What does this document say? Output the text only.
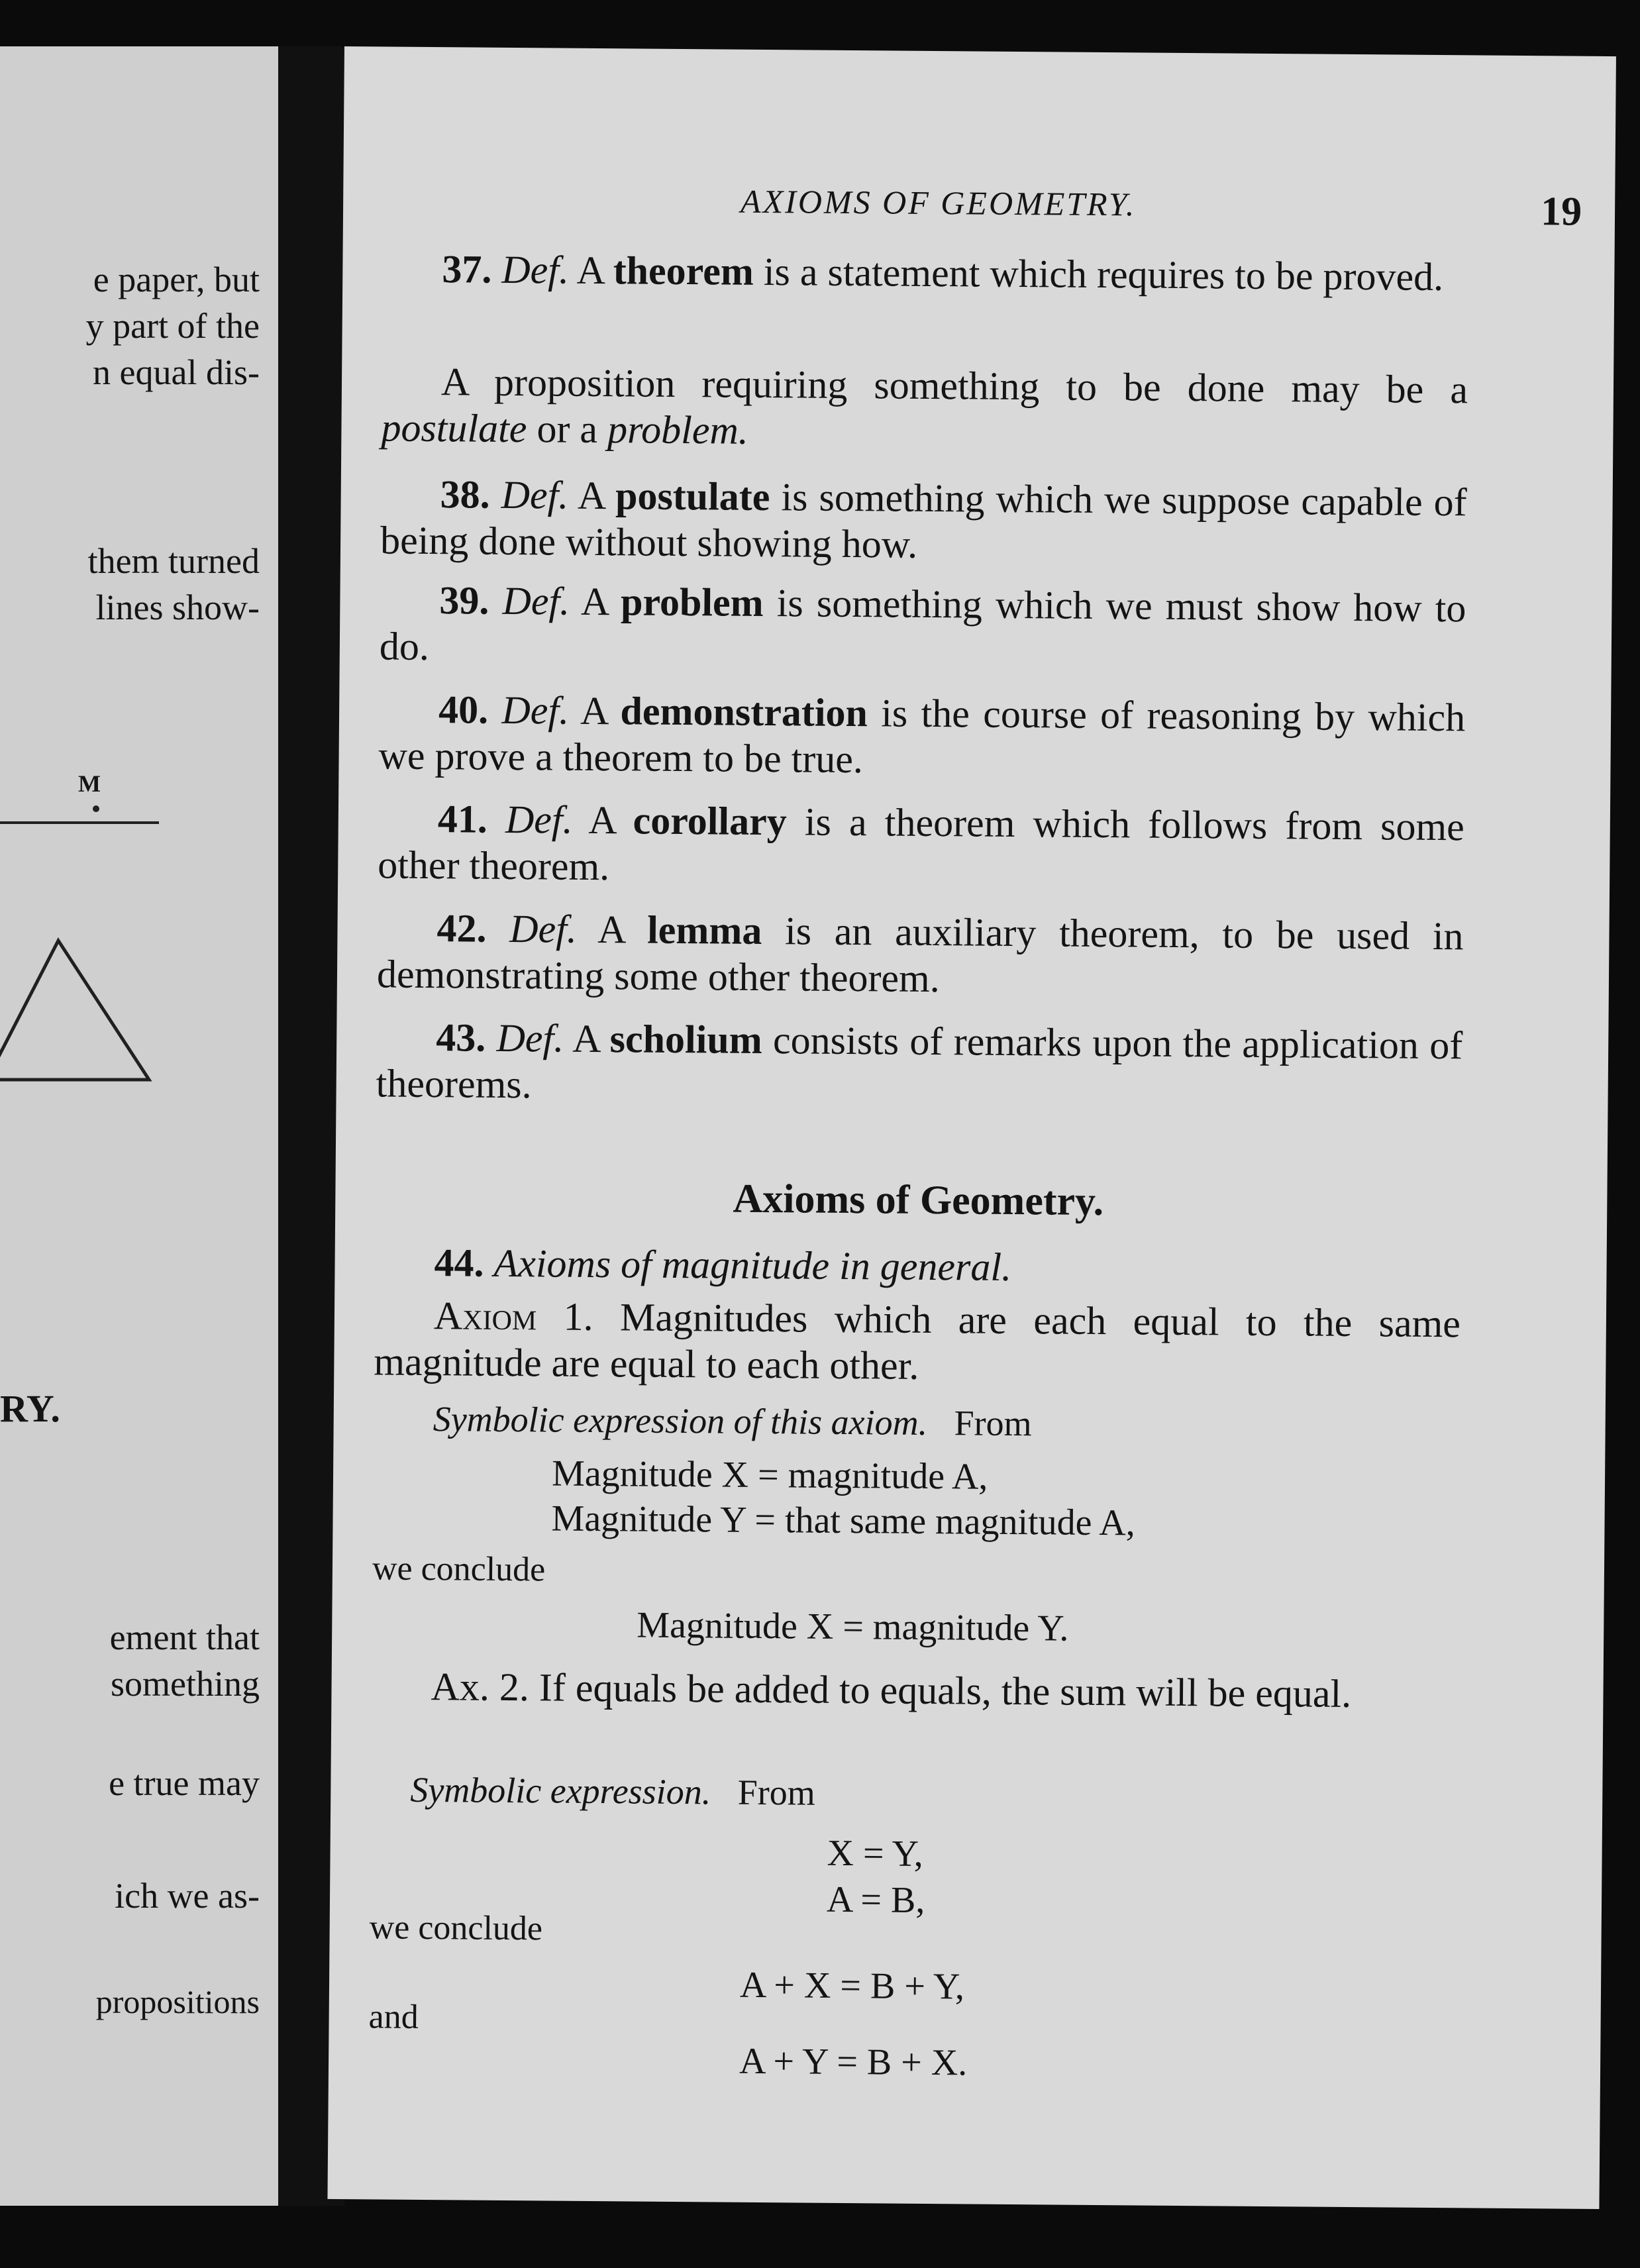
e paper, but
y part of the
n equal dis-
them turned
lines show-
M
RY.
ement that
something
e true may
ich we as-
propositions
AXIOMS OF GEOMETRY.	19
37. Def. A theorem is a statement which requires to be proved.
A proposition requiring something to be done may be a postulate or a problem.
38. Def. A postulate is something which we suppose capable of being done without showing how.
39. Def. A problem is something which we must show how to do.
40. Def. A demonstration is the course of reasoning by which we prove a theorem to be true.
41. Def. A corollary is a theorem which follows from some other theorem.
42. Def. A lemma is an auxiliary theorem, to be used in demonstrating some other theorem.
43. Def. A scholium consists of remarks upon the application of theorems.
Axioms of Geometry.
44. Axioms of magnitude in general.
Axiom 1. Magnitudes which are each equal to the same magnitude are equal to each other.
Symbolic expression of this axiom. From
Magnitude X = magnitude A,
Magnitude Y = that same magnitude A,
we conclude
Magnitude X = magnitude Y.
Ax. 2. If equals be added to equals, the sum will be equal.
Symbolic expression. From
X = Y,
A = B,
we conclude
A + X = B + Y,
and
A + Y = B + X.
